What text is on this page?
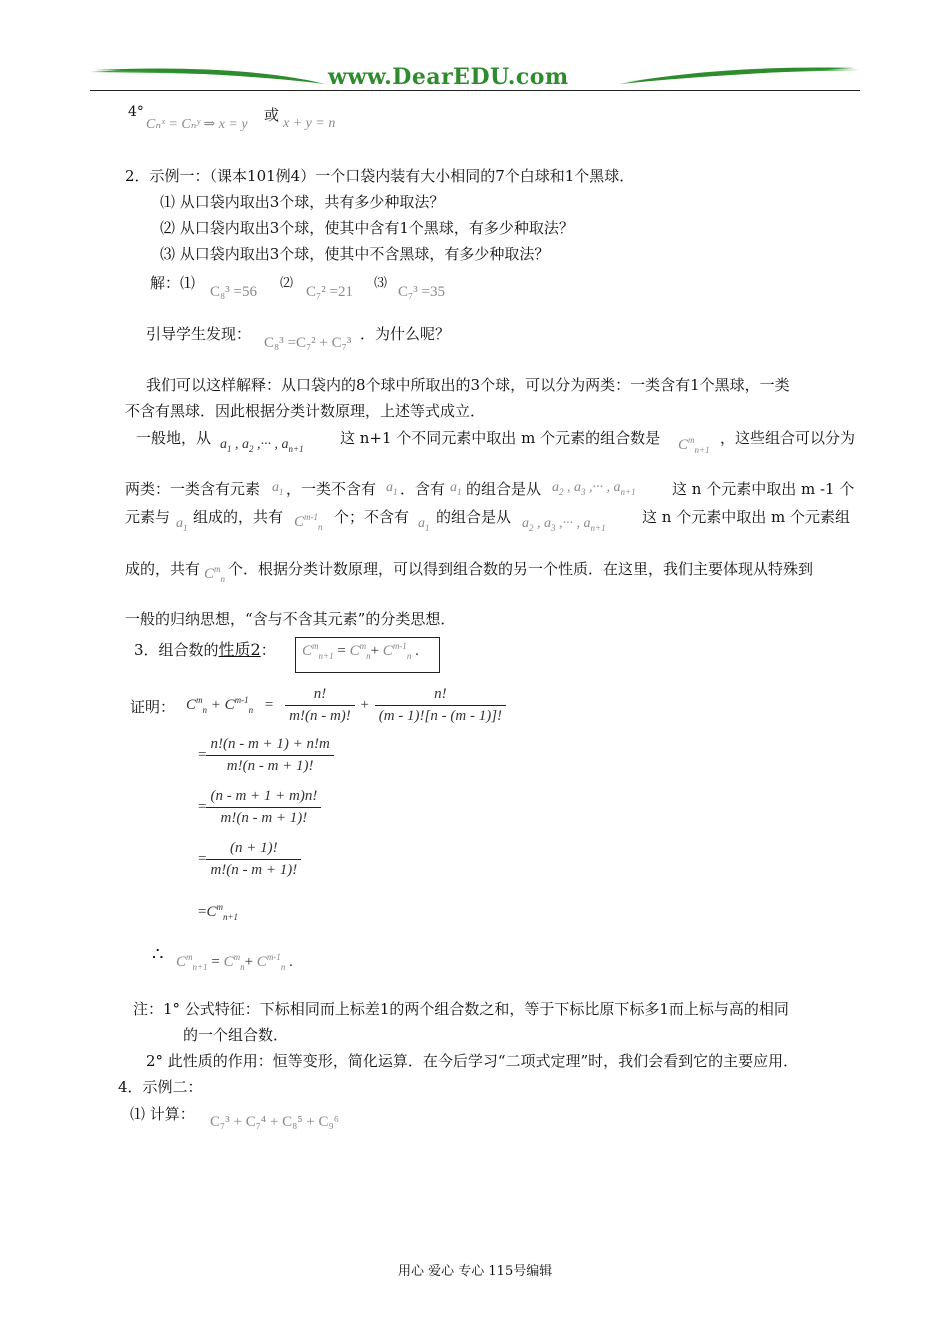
www.DearEDU.com
4°
Cₙˣ = Cₙʸ ⇒ x = y
或 x + y = n
2．示例一：（课本101例4）一个口袋内装有大小相同的7个白球和1个黑球．
⑴ 从口袋内取出3个球，共有多少种取法？
⑵ 从口袋内取出3个球，使其中含有1个黑球，有多少种取法？
⑶ 从口袋内取出3个球，使其中不含黑球，有多少种取法？
解：⑴ C₈³ =56
⑵
C₇² =21
⑶
C₇³ =35
引导学生发现： C₈³ =C₇² + C₇³ ．为什么呢？
我们可以这样解释：从口袋内的8个球中所取出的3个球，可以分为两类：一类含有1个黑球，一类
不含有黑球．因此根据分类计数原理，上述等式成立．
一般地，从 $a_1$ , $a_2$ ,··· , $a_{n+1}$
这 n+1 个不同元素中取出 m 个元素的组合数是 $C^m_{n+1}$
，这些组合可以分为
两类：一类含有元素 $a_1$ ，一类不含有 $a_1$ ．含有 $a_1$ 的组合是从 $a_2$ , $a_3$ ,··· , $a_{n+1}$ 这 n 个元素中取出 m -1 个
元素与 $a_1$
组成的，共有 $C^{m-1}_n$
个；不含有 $a_1$
的组合是从 $a_2$ , $a_3$ ,··· , $a_{n+1}$
这 n 个元素中取出 m 个元素组
成的，共有 $C^m_n$
个．根据分类计数原理，可以得到组合数的另一个性质．在这里，我们主要体现从特殊到
一般的归纳思想，“含与不含其元素”的分类思想．
3．组合数的性质2： $C^m_{n+1} = C^m_n+ C^{m-1}_n$ .
证明： $C^m_n + C^{m-1}_n = \frac{n!}{m!(n - m)!} + \frac{n!}{(m - 1)![n - (m - 1)]!}$
= $\frac{n!(n - m + 1) + n!m}{m!(n - m + 1)!}$
= $\frac{(n - m + 1 + m)n!}{m!(n - m + 1)!}$
= $\frac{(n + 1)!}{m!(n - m + 1)!}$
$=C^m_{n+1}$
∴ $C^m_{n+1} = C^m_n+ C^{m-1}_n$ .
注：1° 公式特征：下标相同而上标差1的两个组合数之和，等于下标比原下标多1而上标与高的相同
的一个组合数．
2° 此性质的作用：恒等变形，简化运算．在今后学习“二项式定理”时，我们会看到它的主要应用．
4．示例二：
⑴ 计算： C₇³ + C₇⁴ + C₈⁵ + C₉⁶
用心 爱心 专心 115号编辑
